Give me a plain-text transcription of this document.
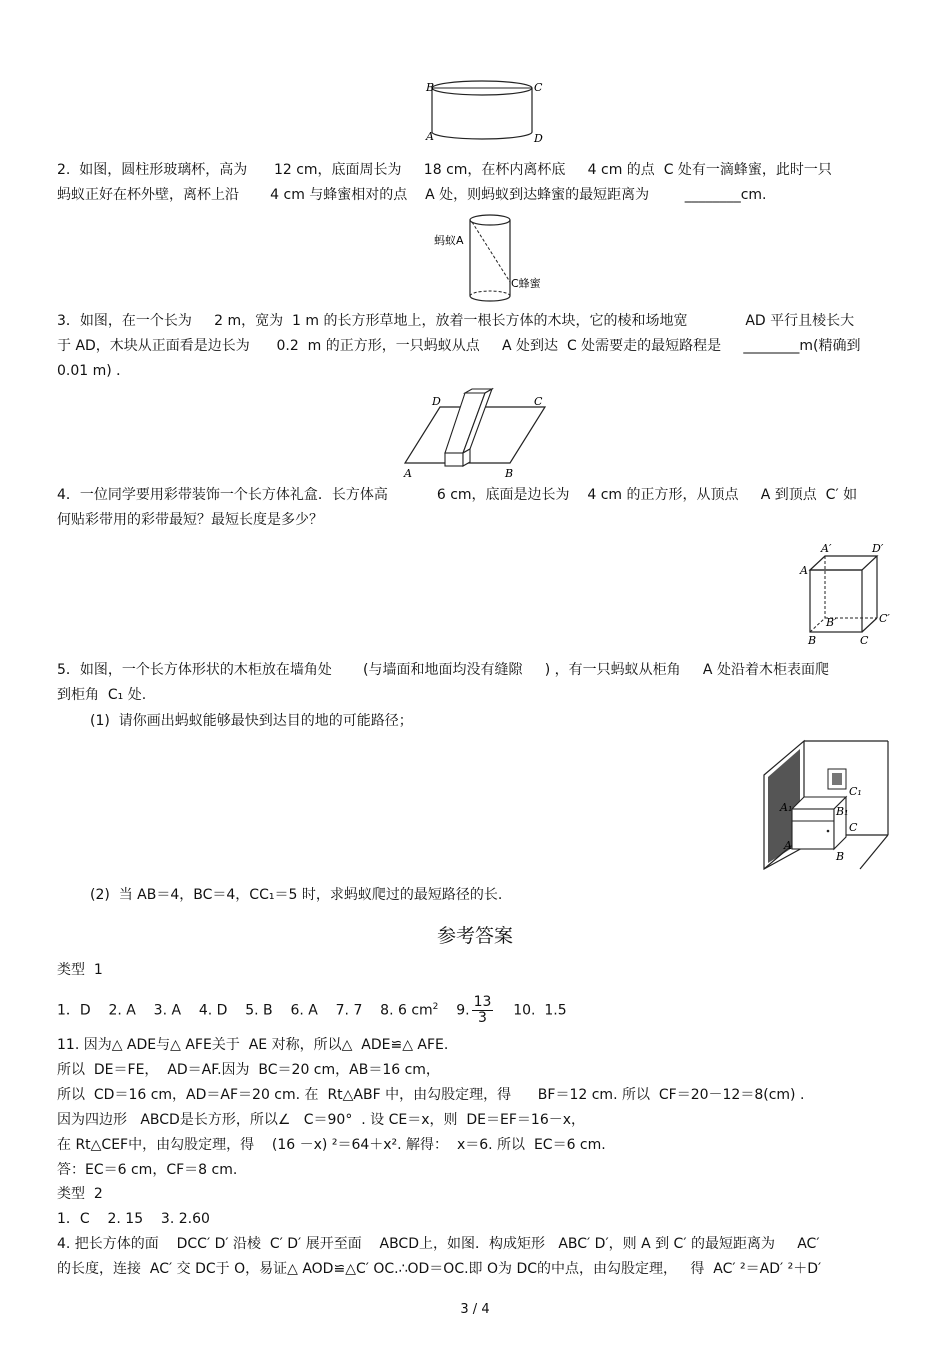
B	C
A	D
2.  如图，圆柱形玻璃杯，高为      12 cm，底面周长为     18 cm，在杯内离杯底     4 cm 的点  C 处有一滴蜂蜜，此时一只
蚂蚁正好在杯外壁，离杯上沿       4 cm 与蜂蜜相对的点    A 处，则蚂蚁到达蜂蜜的最短距离为        ________cm.
蚂蚁A
C蜂蜜
3．如图，在一个长为     2 m，宽为  1 m 的长方形草地上，放着一根长方体的木块，它的棱和场地宽             AD 平行且棱长大
于 AD，木块从正面看是边长为      0.2  m 的正方形，一只蚂蚁从点     A 处到达  C 处需要走的最短路程是     ________m(精确到
0.01 m) ．
D	C
A	B
4．一位同学要用彩带装饰一个长方体礼盒．长方体高           6 cm，底面是边长为    4 cm 的正方形，从顶点     A 到顶点  C′ 如
何贴彩带用的彩带最短？最短长度是多少？
A′	D′
A
C′
B′
B	C
5．如图，一个长方体形状的木柜放在墙角处       (与墙面和地面均没有缝隙     ) ，有一只蚂蚁从柜角     A 处沿着木柜表面爬
到柜角  C₁ 处.
(1)  请你画出蚂蚁能够最快到达目的地的可能路径；
C₁
A₁	B₁
C
A
B
(2)  当 AB＝4，BC＝4，CC₁＝5 时，求蚂蚁爬过的最短路径的长.
参考答案
类型  1
1．D    2. A    3. A    4. D    5. B    6. A    7. 7    8. 6 $cm^2$    9. $\frac{13}{3} 10$.  1.5
11. 因为△ ADE与△ AFE关于  AE 对称，所以△  ADE≌△ AFE.
所以  DE＝FE，  AD＝AF.因为  BC＝20 cm，AB＝16 cm，
所以  CD＝16 cm，AD＝AF＝20 cm. 在  Rt△ABF 中，由勾股定理，得      BF＝12 cm. 所以  CF＝20－12＝8(cm) .
因为四边形   ABCD是长方形，所以∠   C＝90°  . 设 CE＝x，则  DE＝EF＝16－x，
在 Rt△CEF中，由勾股定理，得    (16 －x) ²＝64＋x². 解得：  x＝6. 所以  EC＝6 cm.
答：EC＝6 cm，CF＝8 cm.
类型  2
1．C    2. 15    3. 2.60
4. 把长方体的面    DCC′ D′ 沿棱  C′ D′ 展开至面    ABCD上，如图．构成矩形   ABC′ D′，则 A 到 C′ 的最短距离为     AC′
的长度，连接  AC′ 交 DC于 O，易证△ AOD≌△C′ OC.∴OD＝OC.即 O为 DC的中点，由勾股定理，   得  AC′ ²＝AD′ ²＋D′
3 / 4
